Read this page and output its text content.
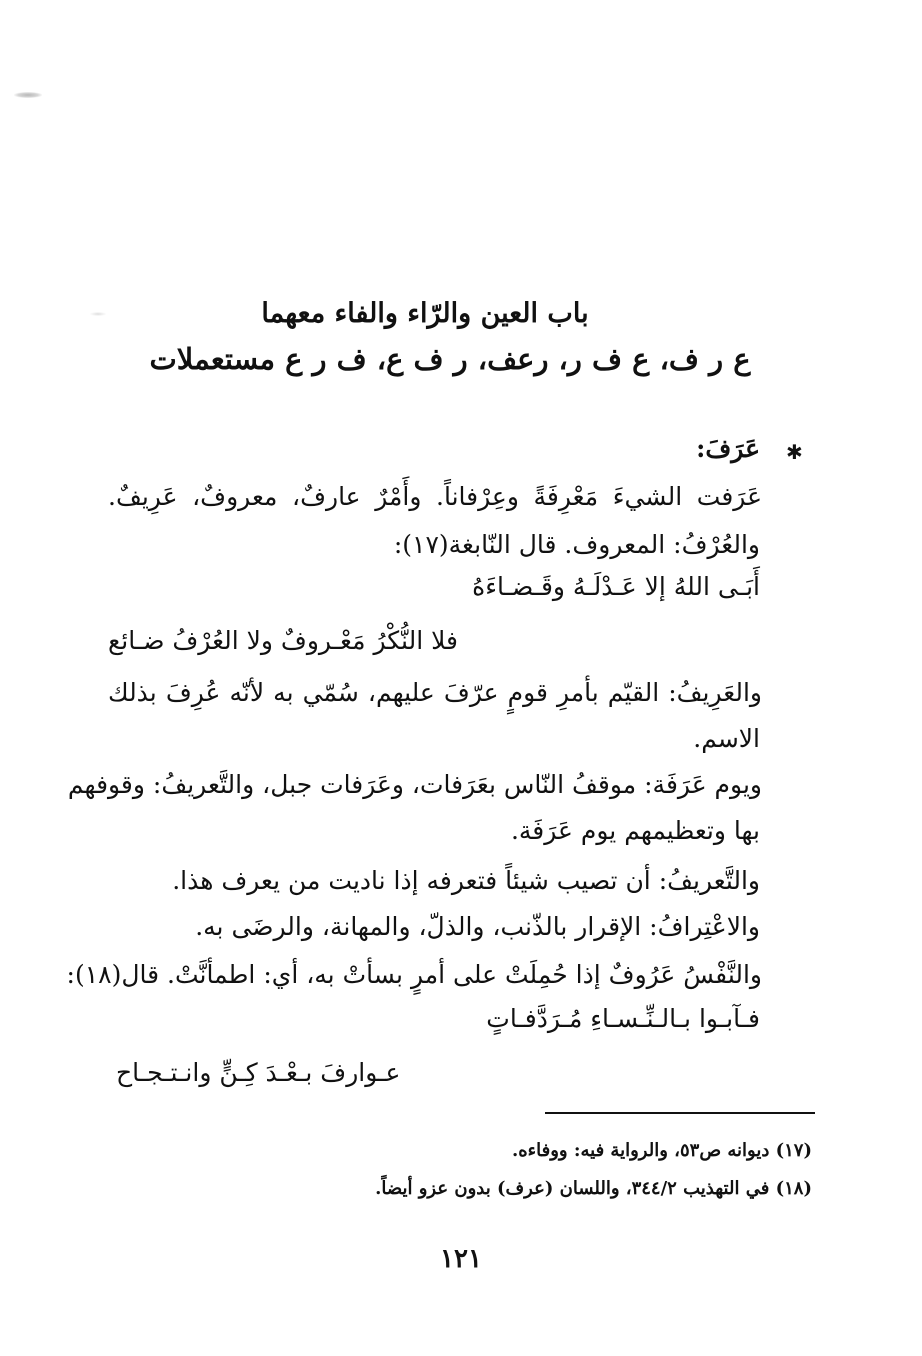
باب العين والرّاء والفاء معهما
ع ر ف، ع ف ر، رعف، ر ف ع، ف ر ع مستعملات
✱
عَرَفَ:
عَرَفت الشيءَ مَعْرِفَةً وعِرْفاناً. وأَمْرٌ عارفٌ، معروفٌ، عَرِيفٌ.
والعُرْفُ: المعروف. قال النّابغة(١٧):
أَبَـى اللهُ إلا عَـدْلَـهُ وقَـضـاءَهُ
فلا النُّكْرُ مَعْـروفٌ ولا العُرْفُ ضـائع
والعَرِيفُ: القيّم بأمرِ قومٍ عرّفَ عليهم، سُمّي به لأنّه عُرِفَ بذلك
الاسم.
ويوم عَرَفَة: موقفُ النّاس بعَرَفات، وعَرَفات جبل، والتَّعريفُ: وقوفهم
بها وتعظيمهم يوم عَرَفَة.
والتَّعريفُ: أن تصيب شيئاً فتعرفه إذا ناديت من يعرف هذا.
والاعْتِرافُ: الإقرار بالذّنب، والذلّ، والمهانة، والرضَى به.
والنَّفْسُ عَرُوفٌ إذا حُمِلَتْ على أمرٍ بسأتْ به، أي: اطمأنَّتْ. قال(١٨):
فـآبـوا بـالـنِّـسـاءِ مُـرَدَّفـاتٍ
عـوارفَ بـعْـدَ كِـنٍّ وانـتـجـاح
(١٧) ديوانه ص٥٣، والرواية فيه: ووفاءه.
(١٨) في التهذيب ٣٤٤/٢، واللسان (عرف) بدون عزو أيضاً.
١٢١
